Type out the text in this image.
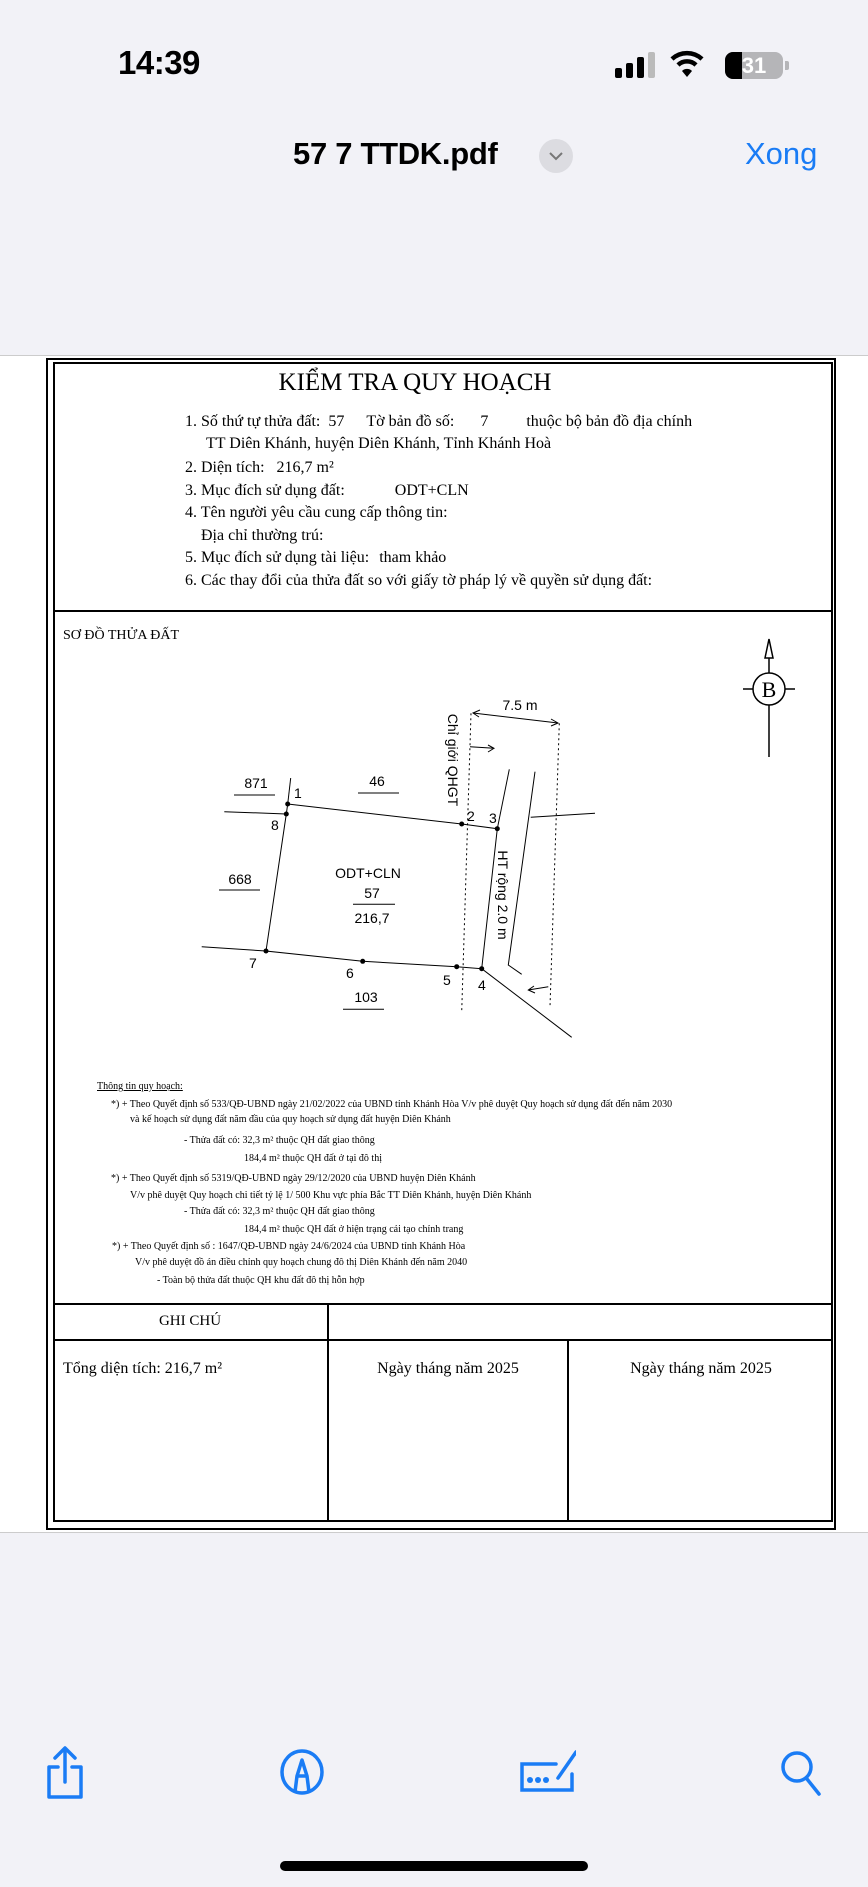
14:39	31
57 7 TTDK.pdf	Xong
KIỂM TRA QUY HOẠCH
1. Số thứ tự thửa đất: 57 Tờ bản đồ số: 7 thuộc bộ bản đồ địa chính
TT Diên Khánh, huyện Diên Khánh, Tỉnh Khánh Hoà
2. Diện tích: 216,7 m²
3. Mục đích sử dụng đất:	ODT+CLN
4. Tên người yêu cầu cung cấp thông tin:
Địa chỉ thường trú:
5. Mục đích sử dụng tài liệu: tham khảo
6. Các thay đổi của thửa đất so với giấy tờ pháp lý về quyền sử dụng đất:
SƠ ĐỒ THỬA ĐẤT
B
871	46
668
103
ODT+CLN
57
216,7
1
2 3
4
5
6
7
8
7.5 m
Chỉ giới QHGT
HT rộng 2.0 m
Thông tin quy hoạch:
*) + Theo Quyết định số 533/QĐ-UBND ngày 21/02/2022 của UBND tỉnh Khánh Hòa V/v phê duyệt Quy hoạch sử dụng đất đến năm 2030
và kế hoạch sử dụng đất năm đầu của quy hoạch sử dụng đất huyện Diên Khánh
- Thửa đất có: 32,3 m² thuộc QH đất giao thông
184,4 m² thuộc QH đất ở tại đô thị
*) + Theo Quyết định số 5319/QĐ-UBND ngày 29/12/2020 của UBND huyện Diên Khánh
V/v phê duyệt Quy hoạch chi tiết tỷ lệ 1/ 500 Khu vực phía Bắc TT Diên Khánh, huyện Diên Khánh
- Thửa đất có: 32,3 m² thuộc QH đất giao thông
184,4 m² thuộc QH đất ở hiện trạng cải tạo chỉnh trang
*) + Theo Quyết định số : 1647/QĐ-UBND ngày 24/6/2024 của UBND tỉnh Khánh Hòa
V/v phê duyệt đồ án điều chỉnh quy hoạch chung đô thị Diên Khánh đến năm 2040
- Toàn bộ thửa đất thuộc QH khu đất đô thị hỗn hợp
GHI CHÚ
Tổng diện tích: 216,7 m²	Ngày tháng năm 2025	Ngày tháng năm 2025
